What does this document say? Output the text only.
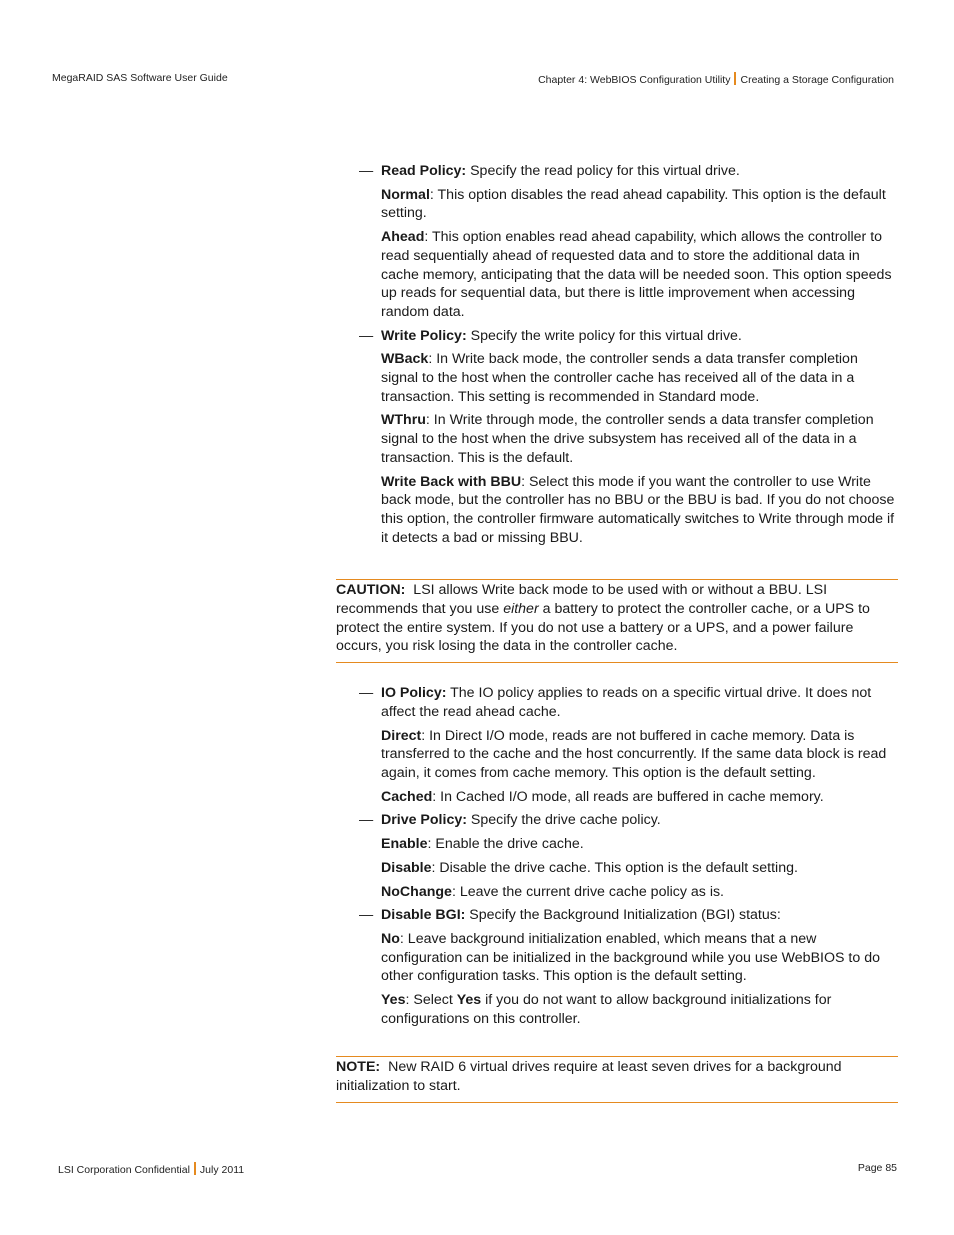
MegaRAID SAS Software User Guide	Chapter 4: WebBIOS Configuration Utility Creating a Storage Configuration
— Read Policy: Specify the read policy for this virtual drive.
Normal: This option disables the read ahead capability. This option is the default setting.
Ahead: This option enables read ahead capability, which allows the controller to read sequentially ahead of requested data and to store the additional data in cache memory, anticipating that the data will be needed soon. This option speeds up reads for sequential data, but there is little improvement when accessing random data.
— Write Policy: Specify the write policy for this virtual drive.
WBack: In Write back mode, the controller sends a data transfer completion signal to the host when the controller cache has received all of the data in a transaction. This setting is recommended in Standard mode.
WThru: In Write through mode, the controller sends a data transfer completion signal to the host when the drive subsystem has received all of the data in a transaction. This is the default.
Write Back with BBU: Select this mode if you want the controller to use Write back mode, but the controller has no BBU or the BBU is bad. If you do not choose this option, the controller firmware automatically switches to Write through mode if it detects a bad or missing BBU.

CAUTION: LSI allows Write back mode to be used with or without a BBU. LSI recommends that you use either a battery to protect the controller cache, or a UPS to protect the entire system. If you do not use a battery or a UPS, and a power failure occurs, you risk losing the data in the controller cache.

— IO Policy: The IO policy applies to reads on a specific virtual drive. It does not affect the read ahead cache.
Direct: In Direct I/O mode, reads are not buffered in cache memory. Data is transferred to the cache and the host concurrently. If the same data block is read again, it comes from cache memory. This option is the default setting.
Cached: In Cached I/O mode, all reads are buffered in cache memory.
— Drive Policy: Specify the drive cache policy.
Enable: Enable the drive cache.
Disable: Disable the drive cache. This option is the default setting.
NoChange: Leave the current drive cache policy as is.
— Disable BGI: Specify the Background Initialization (BGI) status:
No: Leave background initialization enabled, which means that a new configuration can be initialized in the background while you use WebBIOS to do other configuration tasks. This option is the default setting.
Yes: Select Yes if you do not want to allow background initializations for configurations on this controller.

NOTE: New RAID 6 virtual drives require at least seven drives for a background initialization to start.

LSI Corporation Confidential July 2011	Page 85
